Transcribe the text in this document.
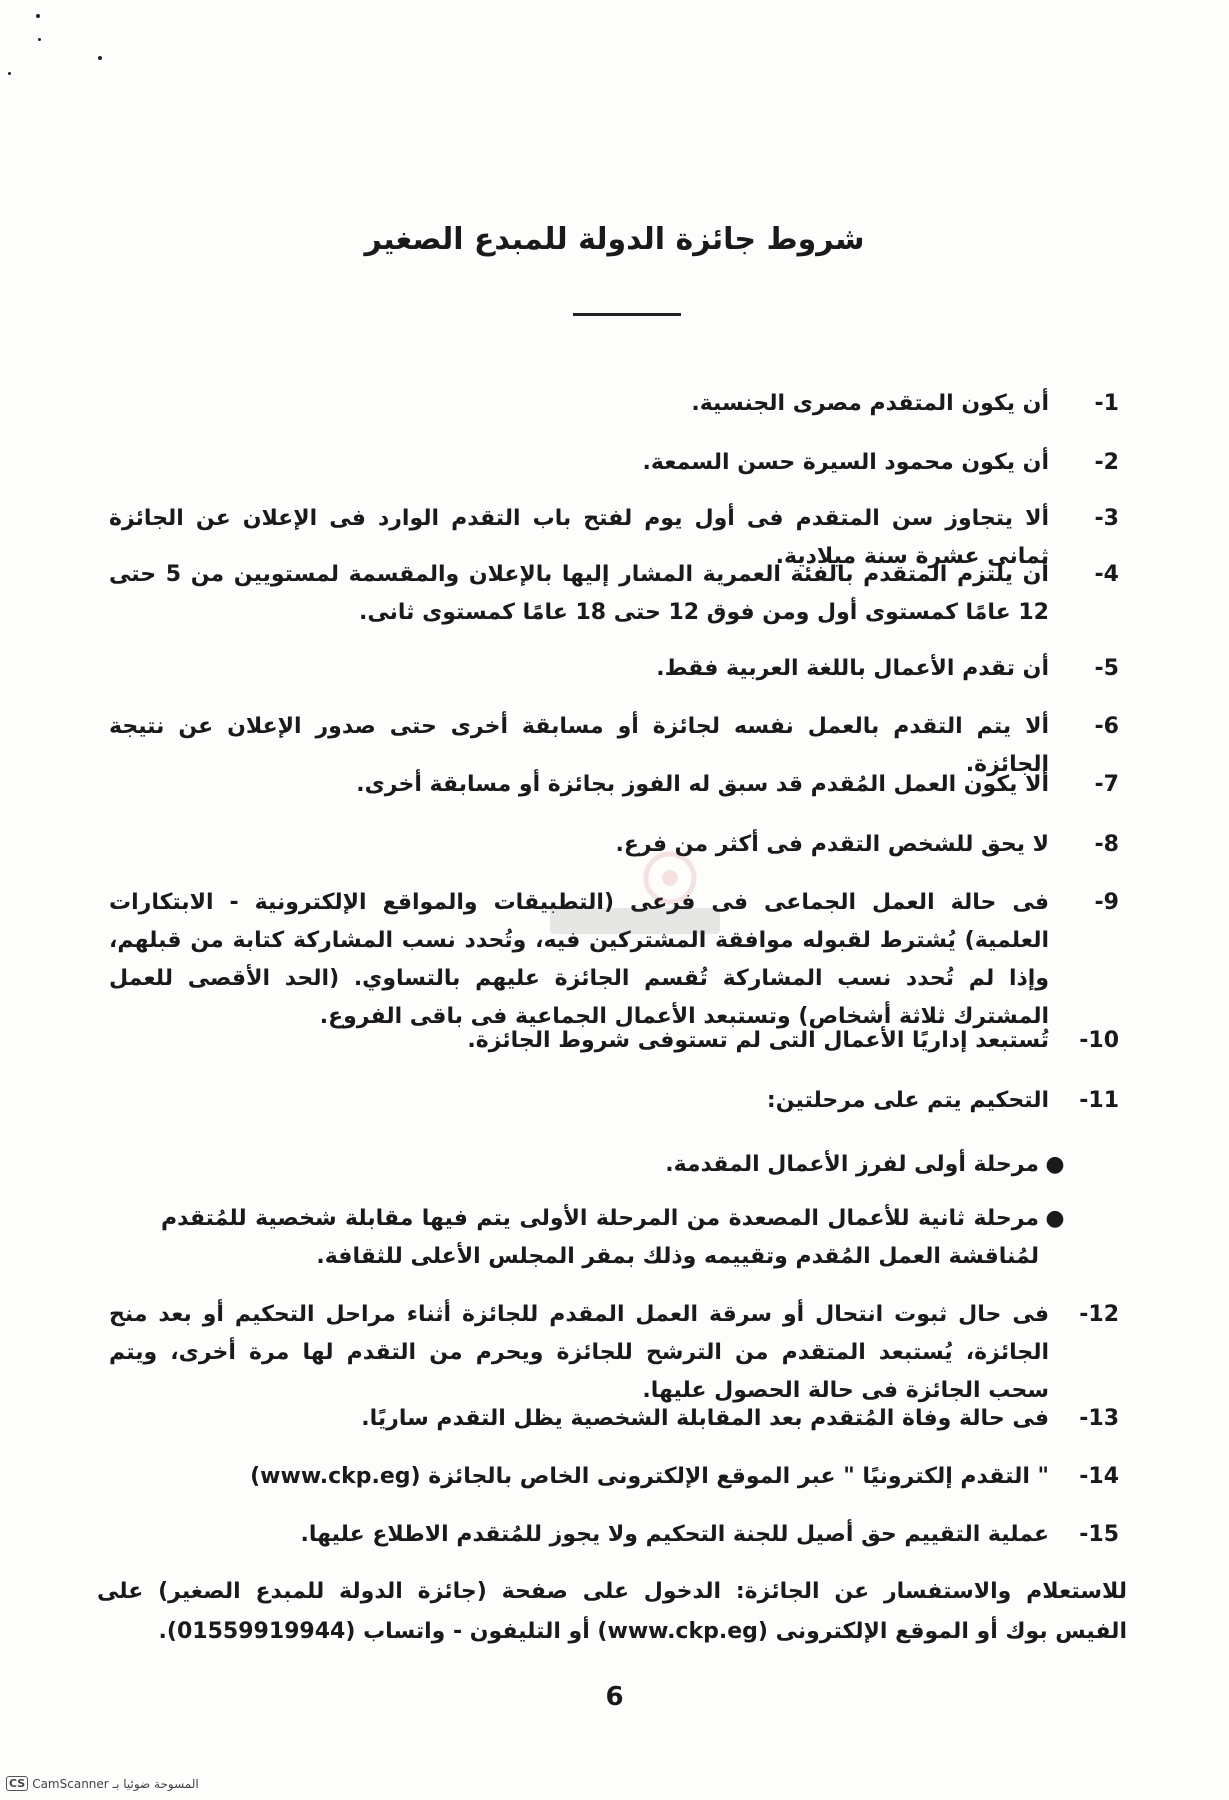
شروط جائزة الدولة للمبدع الصغير
-1
أن يكون المتقدم مصرى الجنسية.
-2
أن يكون محمود السيرة حسن السمعة.
-3
ألا يتجاوز سن المتقدم فى أول يوم لفتح باب التقدم الوارد فى الإعلان عن الجائزة ثمانى عشرة سنة ميلادية.
-4
أن يلتزم المتقدم بالفئة العمرية المشار إليها بالإعلان والمقسمة لمستويين من 5 حتى 12 عامًا كمستوى أول ومن فوق 12 حتى 18 عامًا كمستوى ثانى.
-5
أن تقدم الأعمال باللغة العربية فقط.
-6
ألا يتم التقدم بالعمل نفسه لجائزة أو مسابقة أخرى حتى صدور الإعلان عن نتيجة الجائزة.
-7
ألا يكون العمل المُقدم قد سبق له الفوز بجائزة أو مسابقة أخرى.
-8
لا يحق للشخص التقدم فى أكثر من فرع.
-9
فى حالة العمل الجماعى فى فرعى (التطبيقات والمواقع الإلكترونية - الابتكارات العلمية) يُشترط لقبوله موافقة المشتركين فيه، وتُحدد نسب المشاركة كتابة من قبلهم، وإذا لم تُحدد نسب المشاركة تُقسم الجائزة عليهم بالتساوي. (الحد الأقصى للعمل المشترك ثلاثة أشخاص) وتستبعد الأعمال الجماعية فى باقى الفروع.
-10
تُستبعد إداريًا الأعمال التى لم تستوفى شروط الجائزة.
-11
التحكيم يتم على مرحلتين:
●
مرحلة أولى لفرز الأعمال المقدمة.
●
مرحلة ثانية للأعمال المصعدة من المرحلة الأولى يتم فيها مقابلة شخصية للمُتقدم لمُناقشة العمل المُقدم وتقييمه وذلك بمقر المجلس الأعلى للثقافة.
-12
فى حال ثبوت انتحال أو سرقة العمل المقدم للجائزة أثناء مراحل التحكيم أو بعد منح الجائزة، يُستبعد المتقدم من الترشح للجائزة ويحرم من التقدم لها مرة أخرى، ويتم سحب الجائزة فى حالة الحصول عليها.
-13
فى حالة وفاة المُتقدم بعد المقابلة الشخصية يظل التقدم ساريًا.
-14
" التقدم إلكترونيًا " عبر الموقع الإلكترونى الخاص بالجائزة (www.ckp.eg)
-15
عملية التقييم حق أصيل للجنة التحكيم ولا يجوز للمُتقدم الاطلاع عليها.
للاستعلام والاستفسار عن الجائزة: الدخول على صفحة (جائزة الدولة للمبدع الصغير) على الفيس بوك أو الموقع الإلكترونى (www.ckp.eg) أو التليفون - واتساب (01559919944).
6
CS CamScanner المسوحة ضوئيا بـ
